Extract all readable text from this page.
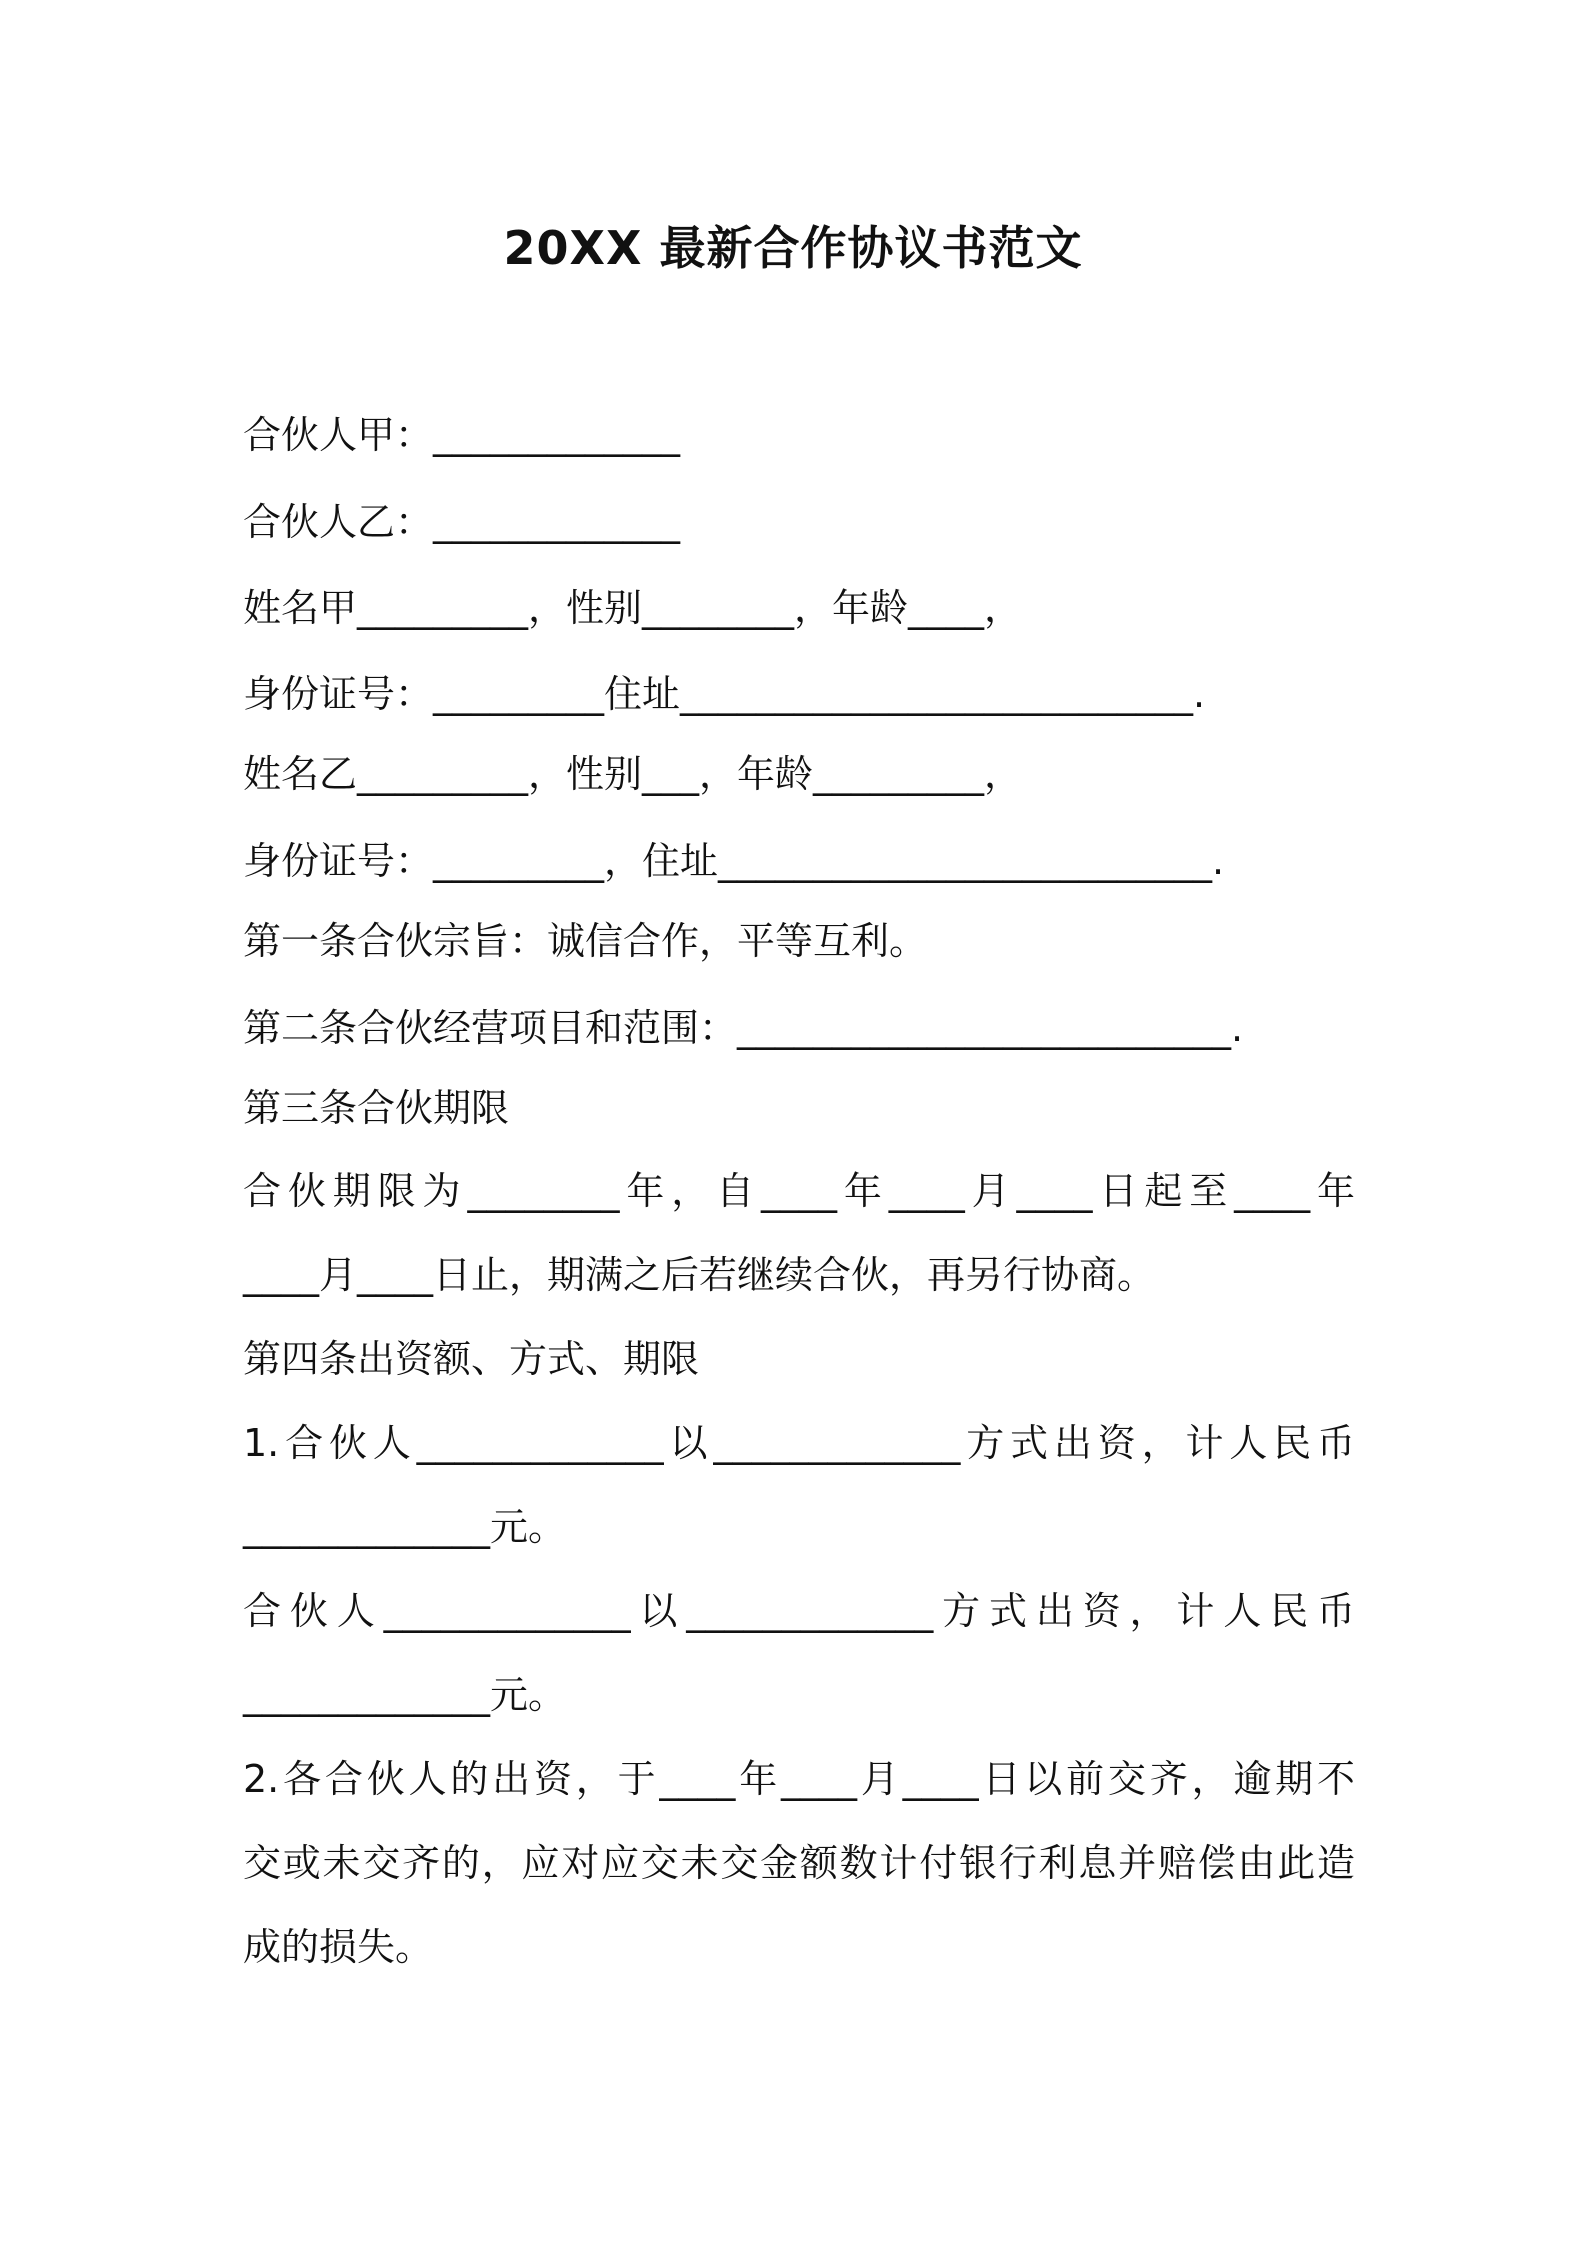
20XX 最新合作协议书范文
合伙人甲：_____________
合伙人乙：_____________
姓名甲_________，性别________，年龄____，
身份证号：_________住址___________________________.
姓名乙_________，性别___，年龄_________，
身份证号：_________，住址__________________________.
第一条合伙宗旨：诚信合作，平等互利。
第二条合伙经营项目和范围：__________________________.
第三条合伙期限
合伙期限为________年，自____年____月____日起至____年
____月____日止，期满之后若继续合伙，再另行协商。
第四条出资额、方式、期限
1.合伙人_____________以_____________方式出资，计人民币
_____________元。
合伙人_____________以_____________方式出资，计人民币
_____________元。
2.各合伙人的出资，于____年____月____日以前交齐，逾期不
交或未交齐的，应对应交未交金额数计付银行利息并赔偿由此造
成的损失。
